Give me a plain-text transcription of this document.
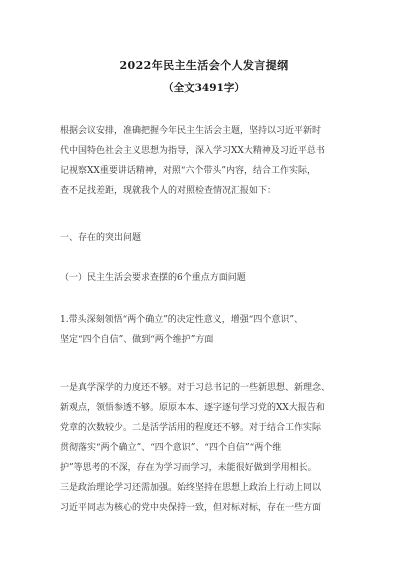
2022年民主生活会个人发言提纲
（全文3491字）
根据会议安排，准确把握今年民主生活会主题，坚持以习近平新时
代中国特色社会主义思想为指导，深入学习XX大精神及习近平总书
记视察XX重要讲话精神，对照“六个带头”内容，结合工作实际，
查不足找差距，现就我个人的对照检查情况汇报如下：
一、存在的突出问题
（一）民主生活会要求查摆的6个重点方面问题
1.带头深刻领悟“两个确立”的决定性意义，增强“四个意识”、
坚定“四个自信”、做到“两个维护”方面
一是真学深学的力度还不够。对于习总书记的一些新思想、新理念、
新观点，领悟参透不够。原原本本、逐字逐句学习党的XX大报告和
党章的次数较少。二是活学活用的程度还不够。对于结合工作实际
贯彻落实“两个确立”、“四个意识”、“四个自信”“两个维
护”等思考的不深，存在为学习而学习，未能很好做到学用相长。
三是政治理论学习还需加强。始终坚持在思想上政治上行动上同以
习近平同志为核心的党中央保持一致，但对标对标，存在一些方面
